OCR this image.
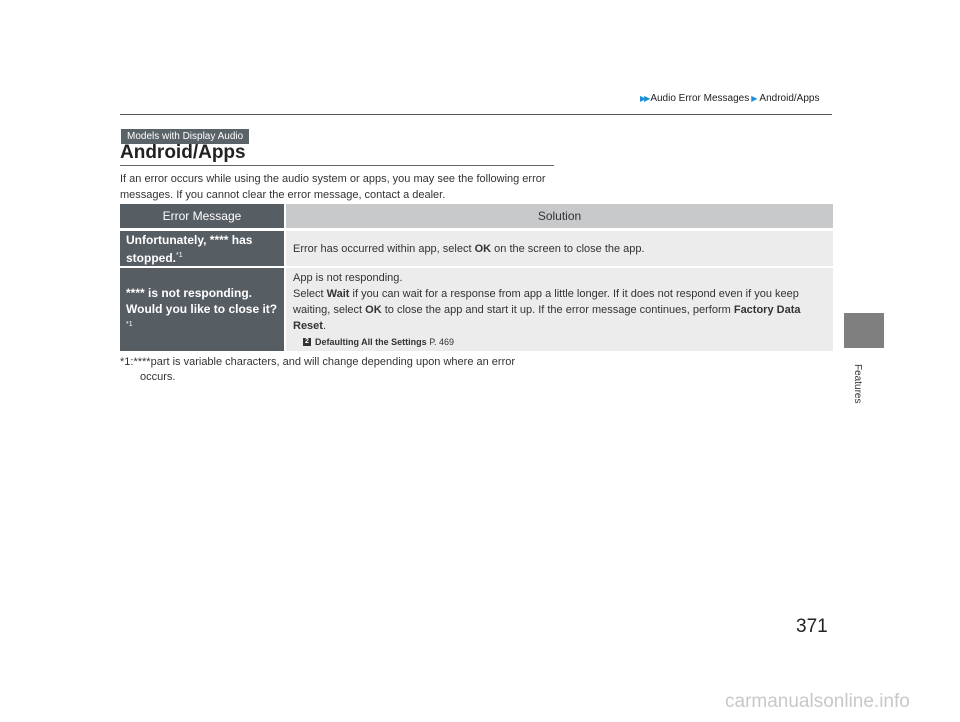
▶▶ Audio Error Messages ▶ Android/Apps
Features
Models with Display Audio
Android/Apps
If an error occurs while using the audio system or apps, you may see the following error messages. If you cannot clear the error message, contact a dealer.
Error Message	Solution
Unfortunately, **** has stopped.$^{*1}$
Error has occurred within app, select OK on the screen to close the app.
**** is not responding. Would you like to close it?$^{*1}$
App is not responding.
Select Wait if you can wait for a response from app a little longer. If it does not respond even if you keep waiting, select OK to close the app and start it up. If the error message continues, perform Factory Data Reset.
2 Defaulting All the Settings
P. 469
*1:****part is variable characters, and will change depending upon where an error
occurs.
371
carmanualsonline.info
